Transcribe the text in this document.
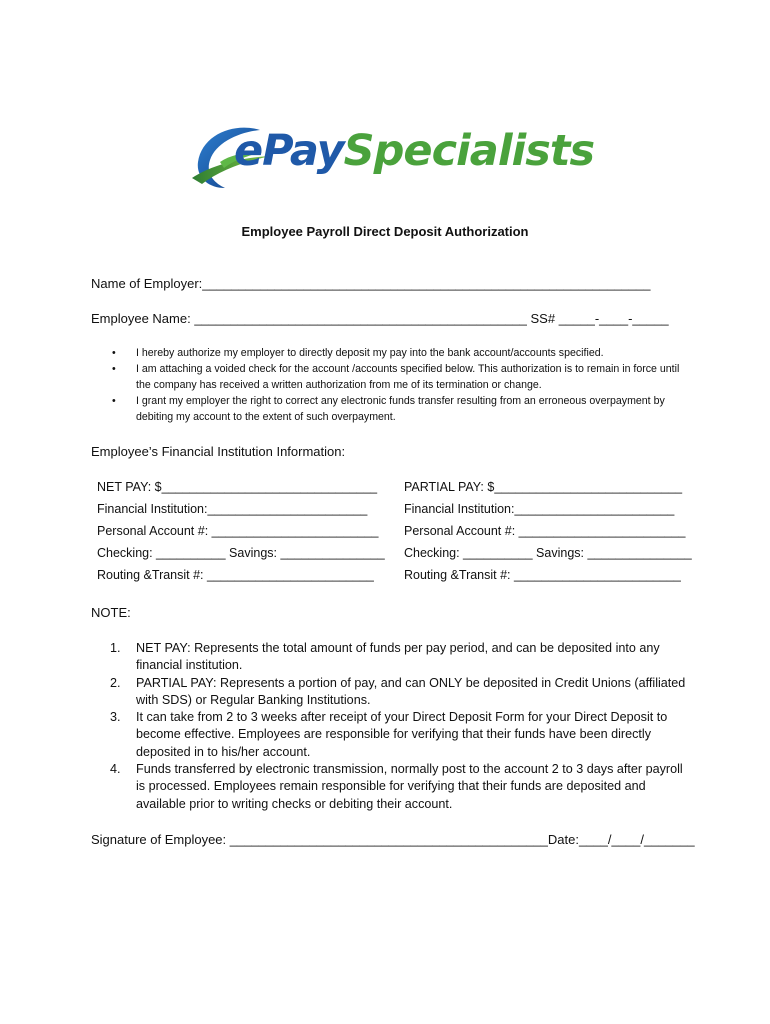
ePaySpecialists
Employee Payroll Direct Deposit Authorization
Name of Employer:______________________________________________________________
Employee Name: ______________________________________________ SS# _____-____-_____
• I hereby authorize my employer to directly deposit my pay into the bank account/accounts specified.
• I am attaching a voided check for the account /accounts specified below. This authorization is to remain in force until the company has received a written authorization from me of its termination or change.
• I grant my employer the right to correct any electronic funds transfer resulting from an erroneous overpayment by debiting my account to the extent of such overpayment.
Employee’s Financial Institution Information:
NET PAY: $_______________________________
Financial Institution:_______________________
Personal Account #: ________________________
Checking: __________ Savings: _______________
Routing &Transit #: ________________________
PARTIAL PAY: $___________________________
Financial Institution:_______________________
Personal Account #: ________________________
Checking: __________ Savings: _______________
Routing &Transit #: ________________________
NOTE:
1. NET PAY: Represents the total amount of funds per pay period, and can be deposited into any financial institution.
2. PARTIAL PAY: Represents a portion of pay, and can ONLY be deposited in Credit Unions (affiliated with SDS) or Regular Banking Institutions.
3. It can take from 2 to 3 weeks after receipt of your Direct Deposit Form for your Direct Deposit to become effective. Employees are responsible for verifying that their funds have been directly deposited in to his/her account.
4. Funds transferred by electronic transmission, normally post to the account 2 to 3 days after payroll is processed. Employees remain responsible for verifying that their funds are deposited and available prior to writing checks or debiting their account.
Signature of Employee: ____________________________________________Date:____/____/_______
